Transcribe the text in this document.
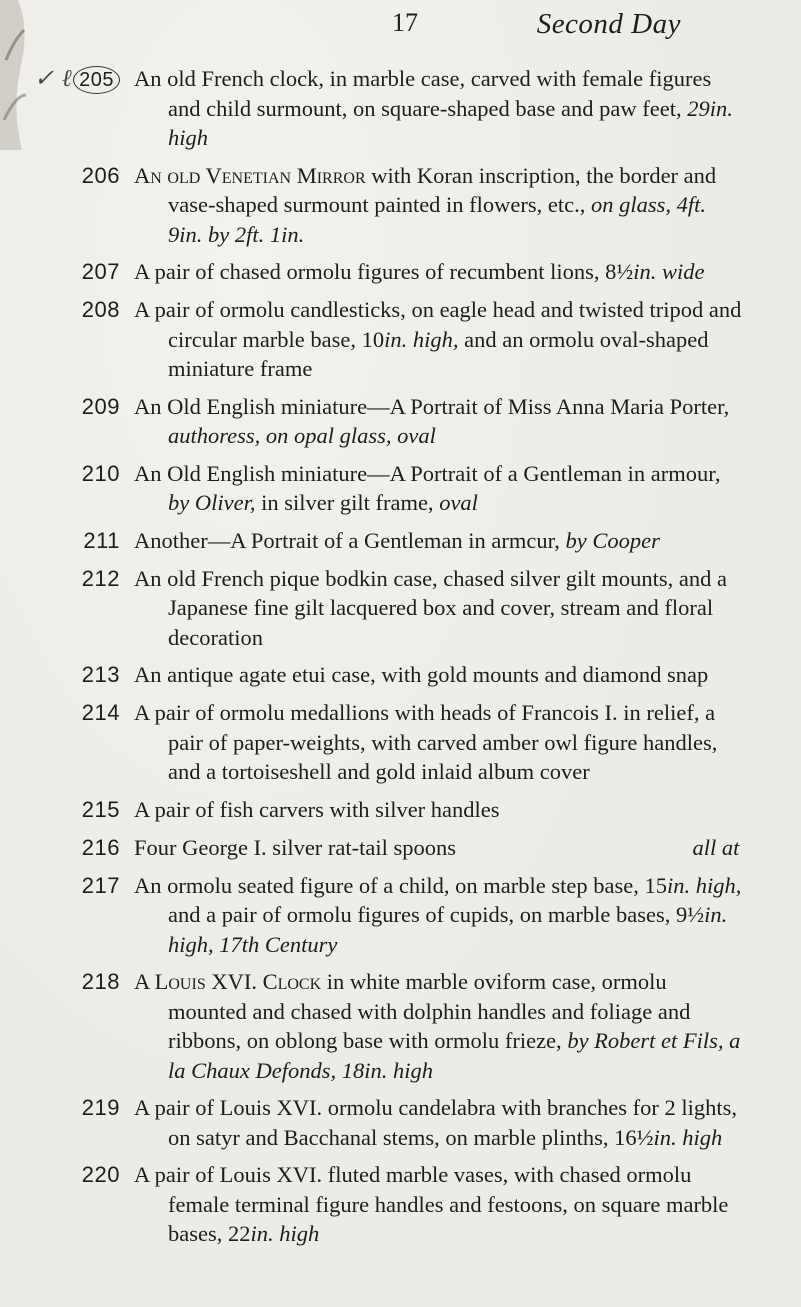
17	Second Day
✓ ℓ 205 An old French clock, in marble case, carved with female figures and child surmount, on square-shaped base and paw feet, 29in. high
206 An old Venetian Mirror with Koran inscription, the border and vase-shaped surmount painted in flowers, etc., on glass, 4ft. 9in. by 2ft. 1in.
207 A pair of chased ormolu figures of recumbent lions, 8½in. wide
208 A pair of ormolu candlesticks, on eagle head and twisted tripod and circular marble base, 10in. high, and an ormolu oval-shaped miniature frame
209 An Old English miniature—A Portrait of Miss Anna Maria Porter, authoress, on opal glass, oval
210 An Old English miniature—A Portrait of a Gentleman in armour, by Oliver, in silver gilt frame, oval
211 Another—A Portrait of a Gentleman in armcur, by Cooper
212 An old French pique bodkin case, chased silver gilt mounts, and a Japanese fine gilt lacquered box and cover, stream and floral decoration
213 An antique agate etui case, with gold mounts and diamond snap
214 A pair of ormolu medallions with heads of Francois I. in relief, a pair of paper-weights, with carved amber owl figure handles, and a tortoiseshell and gold inlaid album cover
215 A pair of fish carvers with silver handles
216	all at
Four George I. silver rat-tail spoons
217 An ormolu seated figure of a child, on marble step base, 15in. high, and a pair of ormolu figures of cupids, on marble bases, 9½in. high, 17th Century
218 A Louis XVI. Clock in white marble oviform case, ormolu mounted and chased with dolphin handles and foliage and ribbons, on oblong base with ormolu frieze, by Robert et Fils, a la Chaux Defonds, 18in. high
219 A pair of Louis XVI. ormolu candelabra with branches for 2 lights, on satyr and Bacchanal stems, on marble plinths, 16½in. high
220 A pair of Louis XVI. fluted marble vases, with chased ormolu female terminal figure handles and festoons, on square marble bases, 22in. high
